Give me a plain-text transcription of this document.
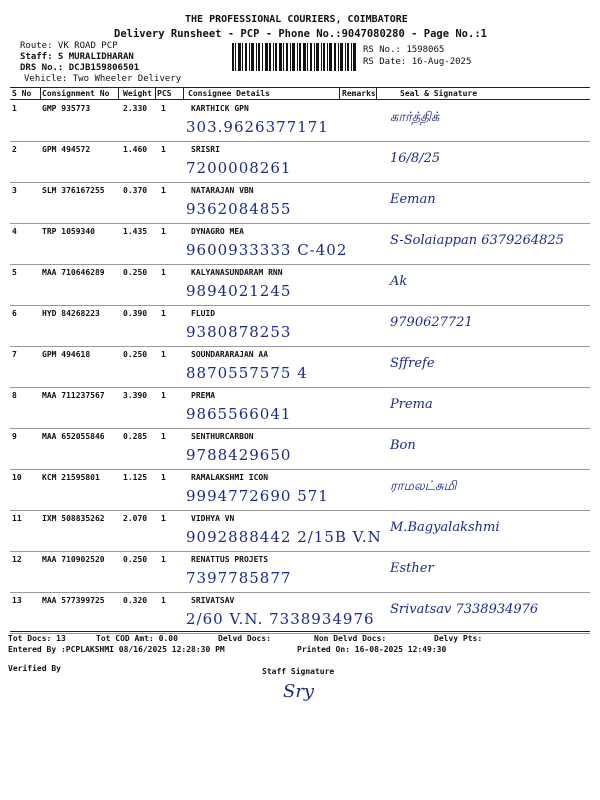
THE PROFESSIONAL COURIERS, COIMBATORE
Delivery Runsheet - PCP - Phone No.:9047080280 - Page No.:1
Route: VK ROAD PCP
Staff: S MURALIDHARAN
DRS No.: DCJB159806501
Vehicle: Two Wheeler Delivery
RS No.: 1598065
RS Date: 16-Aug-2025
S No Consignment No Weight PCS Consignee Details	Remarks	Seal & Signature
1	GMP 935773	2.330 1	KARTHICK GPN
303.9626377171
கார்த்திக்
2	GPM 494572	1.460 1	SRISRI
7200008261
16/8/25
3	SLM 376167255 0.370 1	NATARAJAN VBN
9362084855
Eeman
4	TRP 1059340	1.435 1	DYNAGRO MEA
9600933333 C-402
S-Solaiappan 6379264825
5	MAA 710646289 0.250 1	KALYANASUNDARAM RNN
9894021245
Ak
6	HYD 84268223	0.390 1	FLUID
9380878253
9790627721
7	GPM 494618	0.250 1	SOUNDARARAJAN AA
8870557575 4
Sffrefe
8	MAA 711237567 3.390 1	PREMA
9865566041
Prema
9	MAA 652055846 0.285 1	SENTHURCARBON
9788429650
Bon
10	KCM 21595801	1.125 1	RAMALAKSHMI ICON
9994772690 571
ராமலட்சுமி
11	IXM 508835262 2.070 1	VIDHYA VN
9092888442 2/15B V.N
M.Bagyalakshmi
12	MAA 710902520 0.250 1	RENATTUS PROJETS
7397785877
Esther
13	MAA 577399725 0.320 1	SRIVATSAV
2/60 V.N. 7338934976
Srivatsav 7338934976
Tot Docs: 13	Tot COD Amt: 0.00	Delvd Docs:	Non Delvd Docs:	Delvy Pts:
Entered By :PCPLAKSHMI 08/16/2025 12:28:30 PM	Printed On: 16-08-2025 12:49:30
Verified By	Staff Signature
Sry
